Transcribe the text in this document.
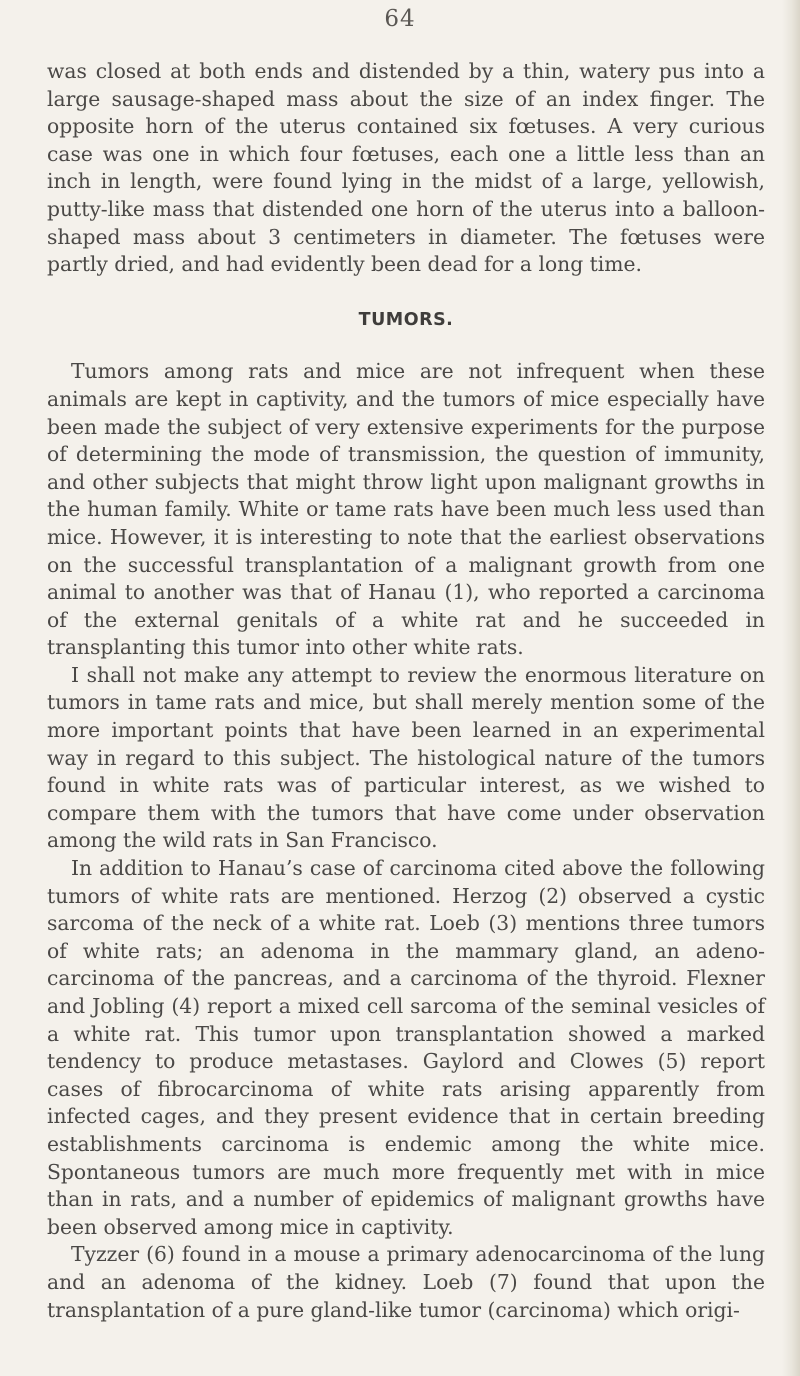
64

was closed at both ends and distended by a thin, watery pus into a large sausage-shaped mass about the size of an index finger. The opposite horn of the uterus contained six fœtuses. A very curious case was one in which four fœtuses, each one a little less than an inch in length, were found lying in the midst of a large, yellowish, putty-like mass that distended one horn of the uterus into a balloon-shaped mass about 3 centimeters in diameter. The fœtuses were partly dried, and had evidently been dead for a long time.

TUMORS.

Tumors among rats and mice are not infrequent when these animals are kept in captivity, and the tumors of mice especially have been made the subject of very extensive experiments for the purpose of determining the mode of transmission, the question of immunity, and other subjects that might throw light upon malignant growths in the human family. White or tame rats have been much less used than mice. However, it is interesting to note that the earliest observations on the successful transplantation of a malignant growth from one animal to another was that of Hanau (1), who reported a carcinoma of the external genitals of a white rat and he succeeded in transplanting this tumor into other white rats.

I shall not make any attempt to review the enormous literature on tumors in tame rats and mice, but shall merely mention some of the more important points that have been learned in an experimental way in regard to this subject. The histological nature of the tumors found in white rats was of particular interest, as we wished to compare them with the tumors that have come under observation among the wild rats in San Francisco.

In addition to Hanau’s case of carcinoma cited above the following tumors of white rats are mentioned. Herzog (2) observed a cystic sarcoma of the neck of a white rat. Loeb (3) mentions three tumors of white rats; an adenoma in the mammary gland, an adeno-carcinoma of the pancreas, and a carcinoma of the thyroid. Flexner and Jobling (4) report a mixed cell sarcoma of the seminal vesicles of a white rat. This tumor upon transplantation showed a marked tendency to produce metastases. Gaylord and Clowes (5) report cases of fibrocarcinoma of white rats arising apparently from infected cages, and they present evidence that in certain breeding establishments carcinoma is endemic among the white mice. Spontaneous tumors are much more frequently met with in mice than in rats, and a number of epidemics of malignant growths have been observed among mice in captivity.

Tyzzer (6) found in a mouse a primary adenocarcinoma of the lung and an adenoma of the kidney. Loeb (7) found that upon the transplantation of a pure gland-like tumor (carcinoma) which origi-
